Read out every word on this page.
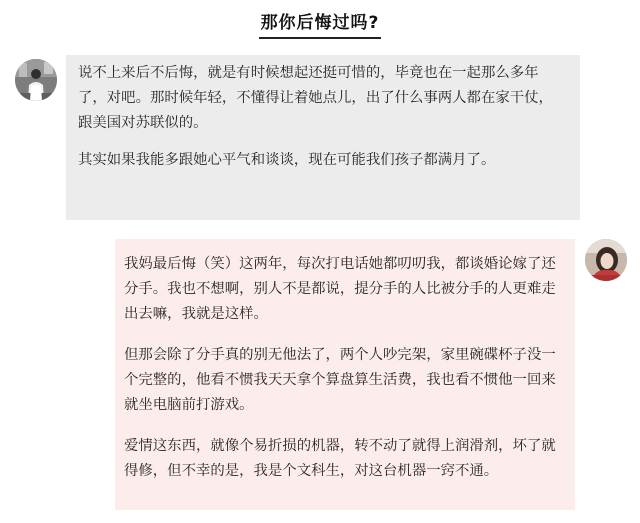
那你后悔过吗?

说不上来后不后悔，就是有时候想起还挺可惜的，毕竟也在一起那么多年了，对吧。那时候年轻，不懂得让着她点儿，出了什么事两人都在家干仗，跟美国对苏联似的。

其实如果我能多跟她心平气和谈谈，现在可能我们孩子都满月了。

我妈最后悔（笑）这两年，每次打电话她都叨叨我，都谈婚论嫁了还分手。我也不想啊，别人不是都说，提分手的人比被分手的人更难走出去嘛，我就是这样。

但那会除了分手真的别无他法了，两个人吵完架，家里碗碟杯子没一个完整的，他看不惯我天天拿个算盘算生活费，我也看不惯他一回来就坐电脑前打游戏。

爱情这东西，就像个易折损的机器，转不动了就得上润滑剂，坏了就得修，但不幸的是，我是个文科生，对这台机器一窍不通。
